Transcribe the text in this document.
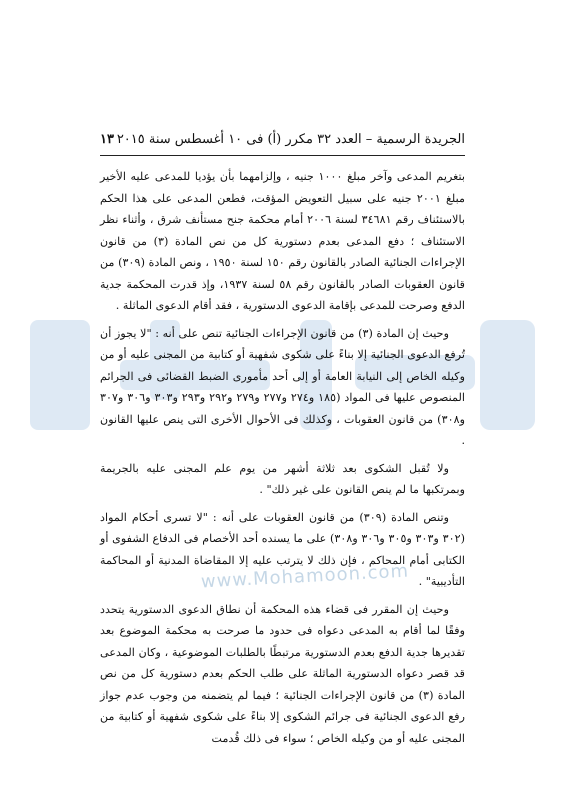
www.Mohamoon.com
الجريدة الرسمية – العدد ٣٢ مكرر (أ) فى ١٠ أغسطس سنة ٢٠١٥
١٣

بتغريم المدعى وآخر مبلغ ١٠٠٠ جنيه ، وإلزامهما بأن يؤديا للمدعى عليه الأخير مبلغ ٢٠٠١ جنيه على سبيل التعويض المؤقت، فطعن المدعى على هذا الحكم بالاستئناف رقم ٣٤٦٨١ لسنة ٢٠٠٦ أمام محكمة جنح مستأنف شرق ، وأثناء نظر الاستئناف ؛ دفع المدعى بعدم دستورية كل من نص المادة (٣) من قانون الإجراءات الجنائية الصادر بالقانون رقم ١٥٠ لسنة ١٩٥٠ ، ونص المادة (٣٠٩) من قانون العقوبات الصادر بالقانون رقم ٥٨ لسنة ١٩٣٧، وإذ قدرت المحكمة جدية الدفع وصرحت للمدعى بإقامة الدعوى الدستورية ، فقد أقام الدعوى الماثلة .

وحيث إن المادة (٣) من قانون الإجراءات الجنائية تنص على أنه : "لا يجوز أن تُرفع الدعوى الجنائية إلا بناءً على شكوى شفهية أو كتابية من المجنى عليه أو من وكيله الخاص إلى النيابة العامة أو إلى أحد مأمورى الضبط القضائى فى الجرائم المنصوص عليها فى المواد (١٨٥ و٢٧٤ و٢٧٧ و٢٧٩ و٢٩٢ و٢٩٣ و٣٠٣ و٣٠٦ و٣٠٧ و٣٠٨) من قانون العقوبات ، وكذلك فى الأحوال الأخرى التى ينص عليها القانون .

ولا تُقبل الشكوى بعد ثلاثة أشهر من يوم علم المجنى عليه بالجريمة وبمرتكبها ما لم ينص القانون على غير ذلك" .

وتنص المادة (٣٠٩) من قانون العقوبات على أنه : "لا تسرى أحكام المواد (٣٠٢ و٣٠٣ و٣٠٥ و٣٠٦ و٣٠٨) على ما يسنده أحد الأخصام فى الدفاع الشفوى أو الكتابى أمام المحاكم ، فإن ذلك لا يترتب عليه إلا المقاضاة المدنية أو المحاكمة التأديبية" .

وحيث إن المقرر فى قضاء هذه المحكمة أن نطاق الدعوى الدستورية يتحدد وفقًا لما أقام به المدعى دعواه فى حدود ما صرحت به محكمة الموضوع بعد تقديرها جدية الدفع بعدم الدستورية مرتبطًا بالطلبات الموضوعية ، وكان المدعى قد قصر دعواه الدستورية الماثلة على طلب الحكم بعدم دستورية كل من نص المادة (٣) من قانون الإجراءات الجنائية ؛ فيما لم يتضمنه من وجوب عدم جواز رفع الدعوى الجنائية فى جرائم الشكوى إلا بناءً على شكوى شفهية أو كتابية من المجنى عليه أو من وكيله الخاص ؛ سواء فى ذلك قُدمت
